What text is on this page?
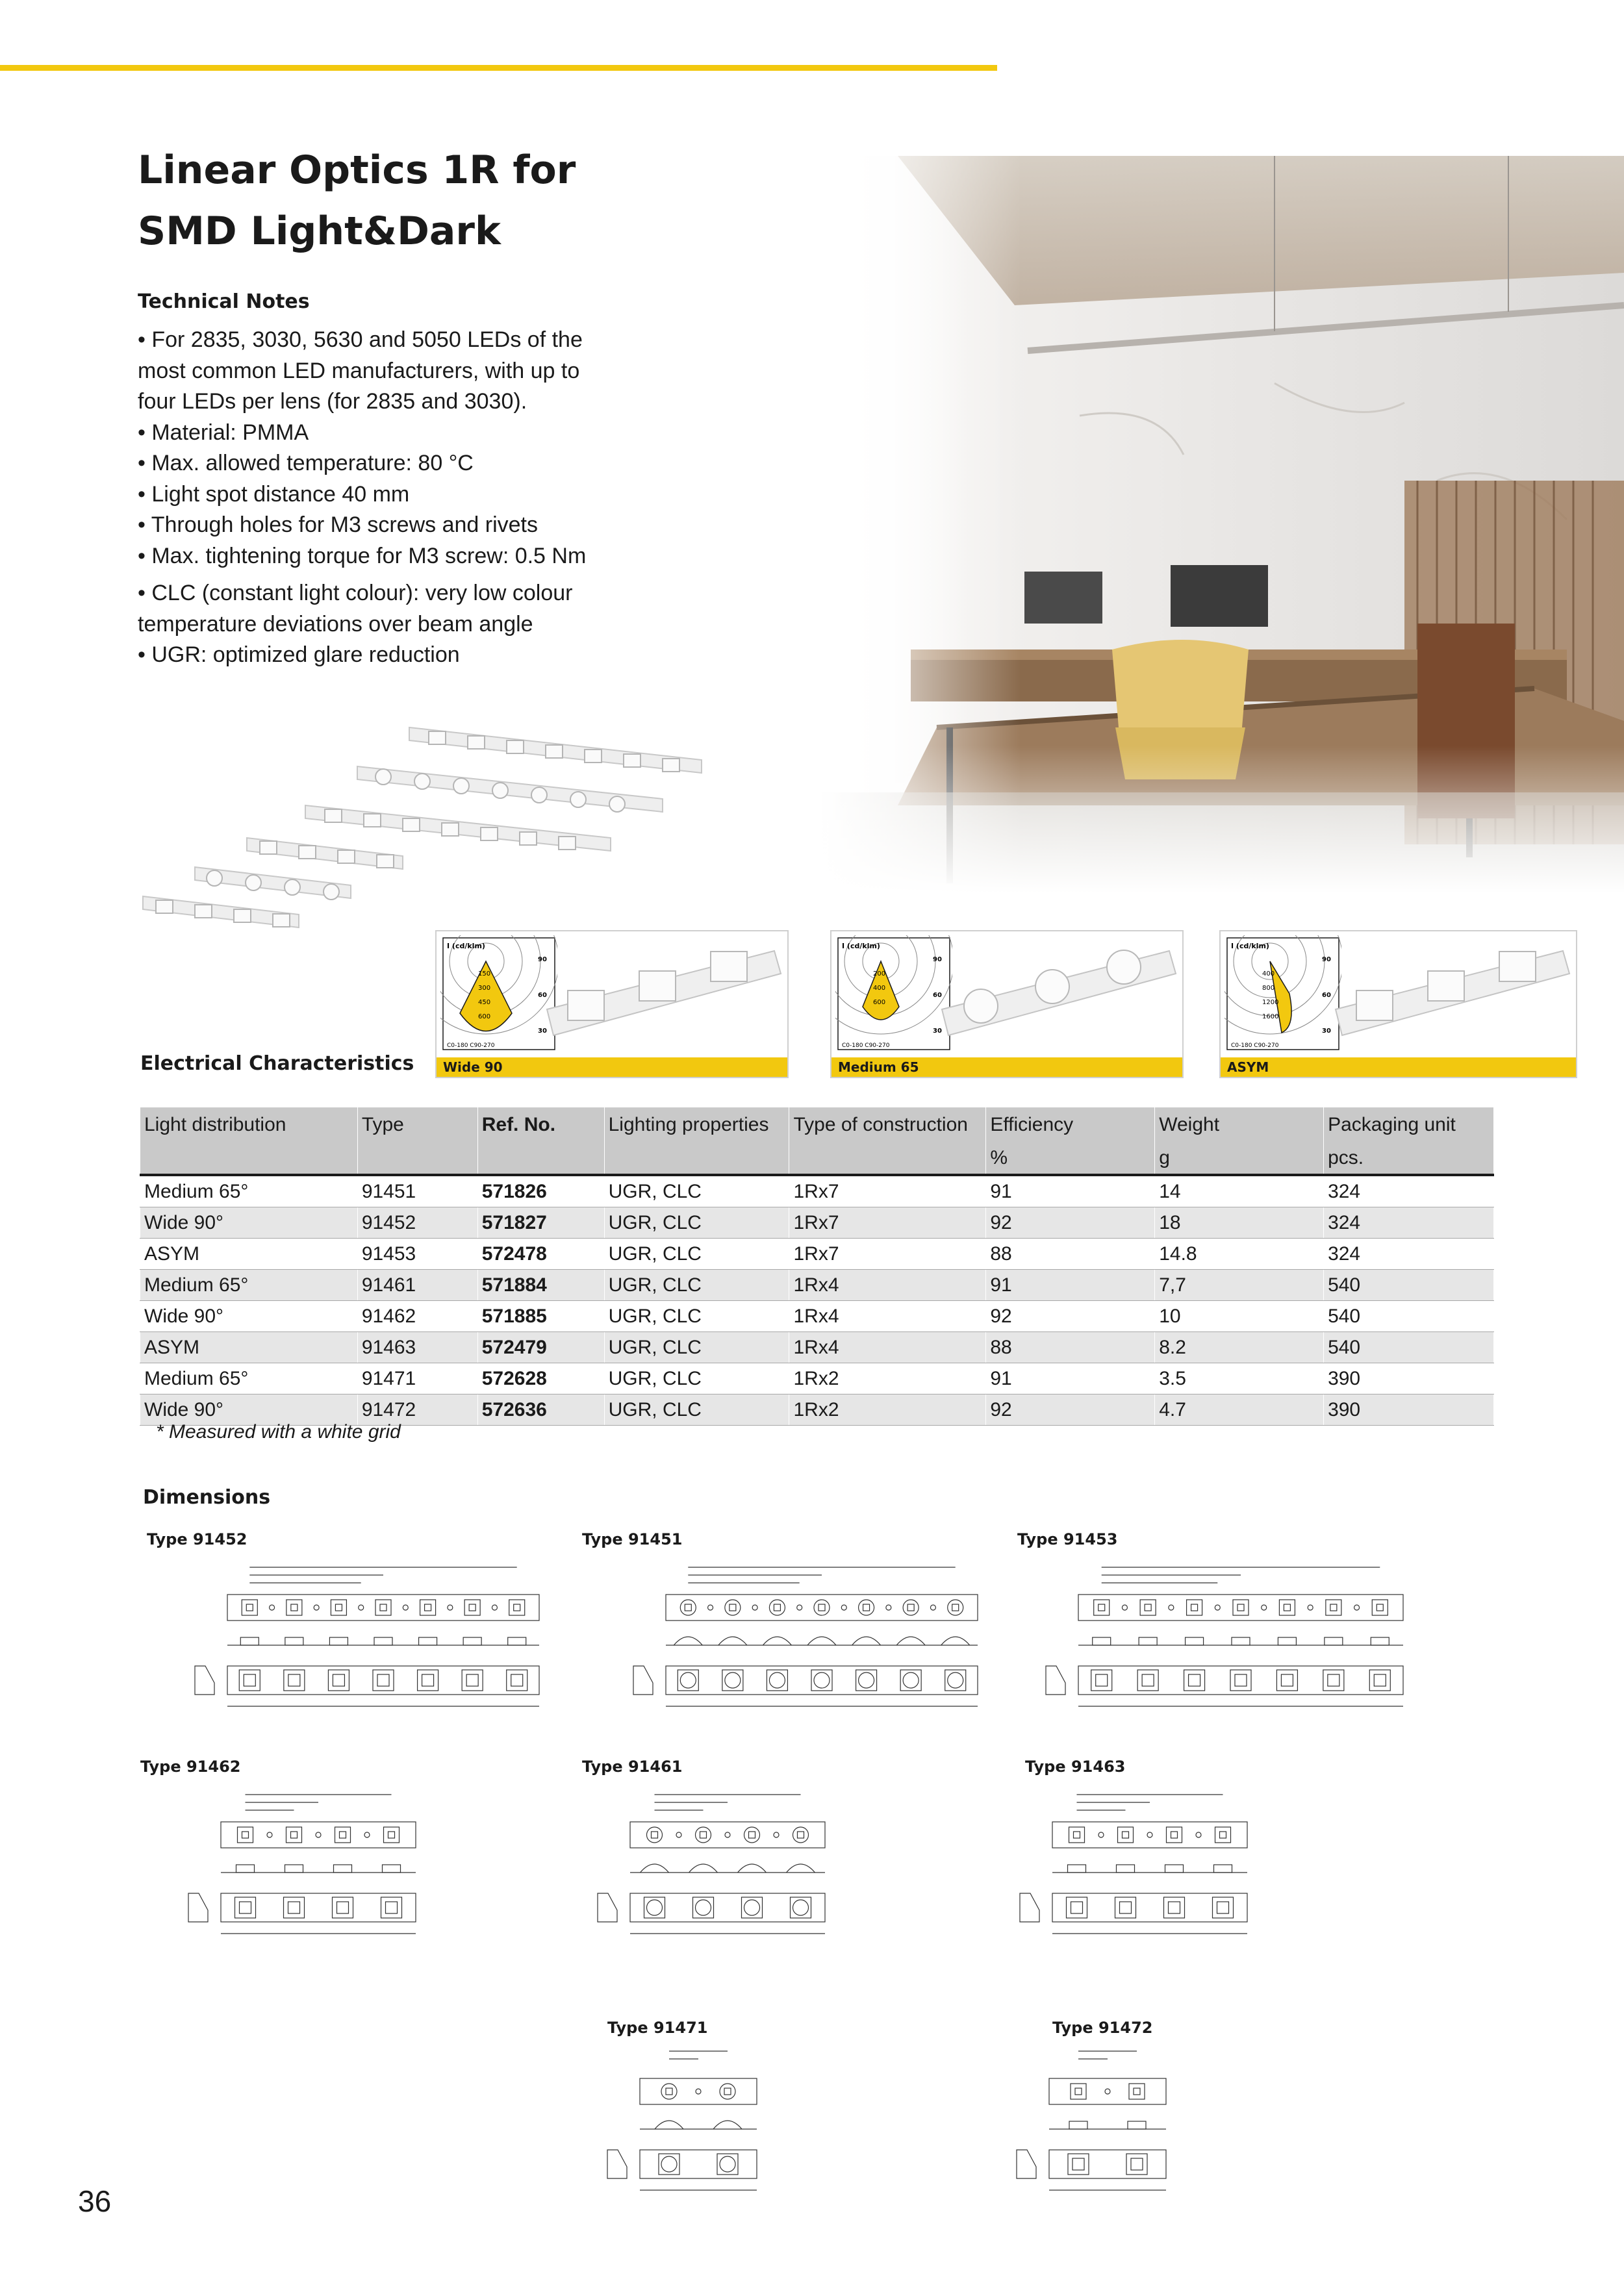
Linear Optics 1R for
SMD Light&Dark
Technical Notes

• For 2835, 3030, 5630 and 5050 LEDs of the

most common LED manufacturers, with up to

four LEDs per lens (for 2835 and 3030).

• Material: PMMA

• Max. allowed temperature: 80 °C

• Light spot distance 40 mm

• Through holes for M3 screws and rivets

• Max. tightening torque for M3 screw: 0.5 Nm

• CLC (constant light colour): very low colour

temperature deviations over beam angle

• UGR: optimized glare reduction

I (cd/klm)
150
300
450
600
90
60
30
C0-180 C90-270
Wide 90
I (cd/klm)
200
400
600
90
60
30
C0-180 C90-270
Medium 65
I (cd/klm)
400
800
1200
1600
90
60
30
C0-180 C90-270
ASYM
Electrical Characteristics
Light distribution	Type	Ref. No.	Lighting properties	Type of construction	Efficiency	Weight	Packaging unit
					%	g	pcs.
Medium 65°	91451	571826	UGR, CLC	1Rx7	91	14	324
Wide 90°	91452	571827	UGR, CLC	1Rx7	92	18	324
ASYM	91453	572478	UGR, CLC	1Rx7	88	14.8	324
Medium 65°	91461	571884	UGR, CLC	1Rx4	91	7,7	540
Wide 90°	91462	571885	UGR, CLC	1Rx4	92	10	540
ASYM	91463	572479	UGR, CLC	1Rx4	88	8.2	540
Medium 65°	91471	572628	UGR, CLC	1Rx2	91	3.5	390
Wide 90°	91472	572636	UGR, CLC	1Rx2	92	4.7	390
* Measured with a white grid
Dimensions
Type 91452	Type 91451	Type 91453
Type 91462	Type 91461	Type 91463
Type 91471	Type 91472
36
